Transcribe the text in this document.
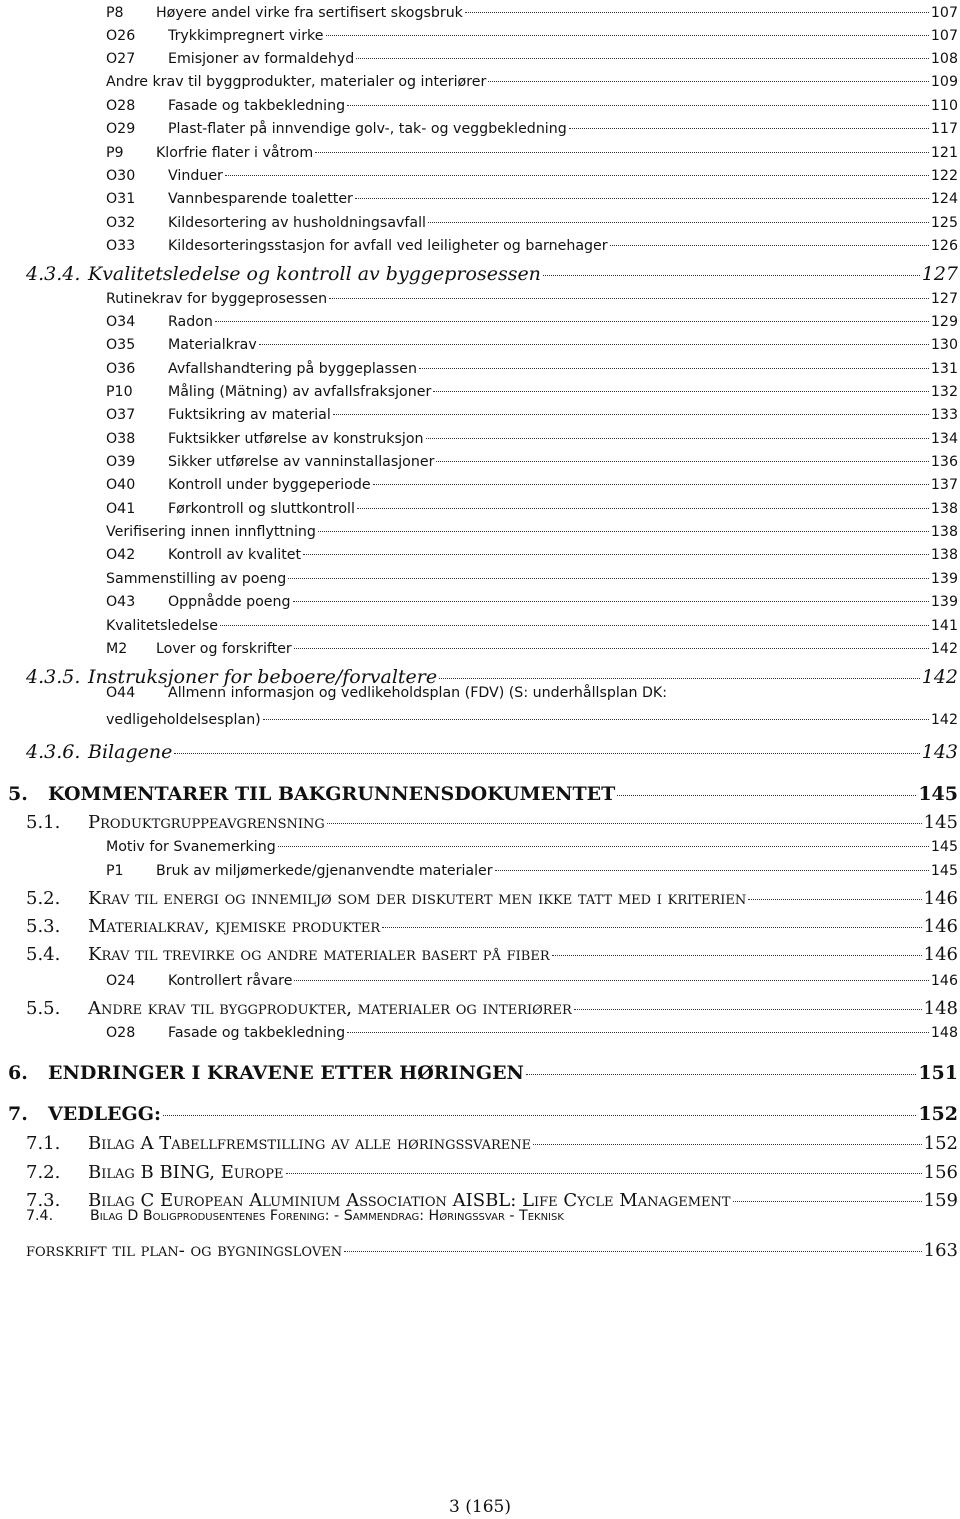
P8	Høyere andel virke fra sertifisert skogsbruk	107
O26	Trykkimpregnert virke	107
O27	Emisjoner av formaldehyd	108
Andre krav til byggprodukter, materialer og interiører	109
O28	Fasade og takbekledning	110
O29	Plast-flater på innvendige golv-, tak- og veggbekledning	117
P9	Klorfrie flater i våtrom	121
O30	Vinduer	122
O31	Vannbesparende toaletter	124
O32	Kildesortering av husholdningsavfall	125
O33	Kildesorteringsstasjon for avfall ved leiligheter og barnehager	126
4.3.4. Kvalitetsledelse og kontroll av byggeprosessen	127
Rutinekrav for byggeprosessen	127
O34	Radon	129
O35	Materialkrav	130
O36	Avfallshandtering på byggeplassen	131
P10	Måling (Mätning) av avfallsfraksjoner	132
O37	Fuktsikring av material	133
O38	Fuktsikker utførelse av konstruksjon	134
O39	Sikker utførelse av vanninstallasjoner	136
O40	Kontroll under byggeperiode	137
O41	Førkontroll og sluttkontroll	138
Verifisering innen innflyttning	138
O42	Kontroll av kvalitet	138
Sammenstilling av poeng	139
O43	Oppnådde poeng	139
Kvalitetsledelse	141
M2	Lover og forskrifter	142
4.3.5. Instruksjoner for beboere/forvaltere	142
O44 Allmenn informasjon og vedlikeholdsplan (FDV) (S: underhållsplan DK:
vedligeholdelsesplan)	142
4.3.6. Bilagene	143
5.	KOMMENTARER TIL BAKGRUNNENSDOKUMENTET	145
5.1.	Produktgruppeavgrensning	145
Motiv for Svanemerking	145
P1	Bruk av miljømerkede/gjenanvendte materialer	145
5.2.	Krav til energi og innemiljø som der diskutert men ikke tatt med i kriterien	146
5.3.	Materialkrav, kjemiske produkter	146
5.4.	Krav til trevirke og andre materialer basert på fiber	146
O24	Kontrollert råvare	146
5.5.	Andre krav til byggprodukter, materialer og interiører	148
O28	Fasade og takbekledning	148
6.	ENDRINGER I KRAVENE ETTER HØRINGEN	151
7.	VEDLEGG:	152
7.1.	Bilag A Tabellfremstilling av alle høringssvarene	152
7.2.	Bilag B BING, Europe	156
7.3.	Bilag C European Aluminium Association AISBL: Life Cycle Management	159
7.4.	Bilag D Boligprodusentenes Forening: - Sammendrag: Høringssvar - Teknisk
forskrift til plan- og bygningsloven	163
3 (165)
